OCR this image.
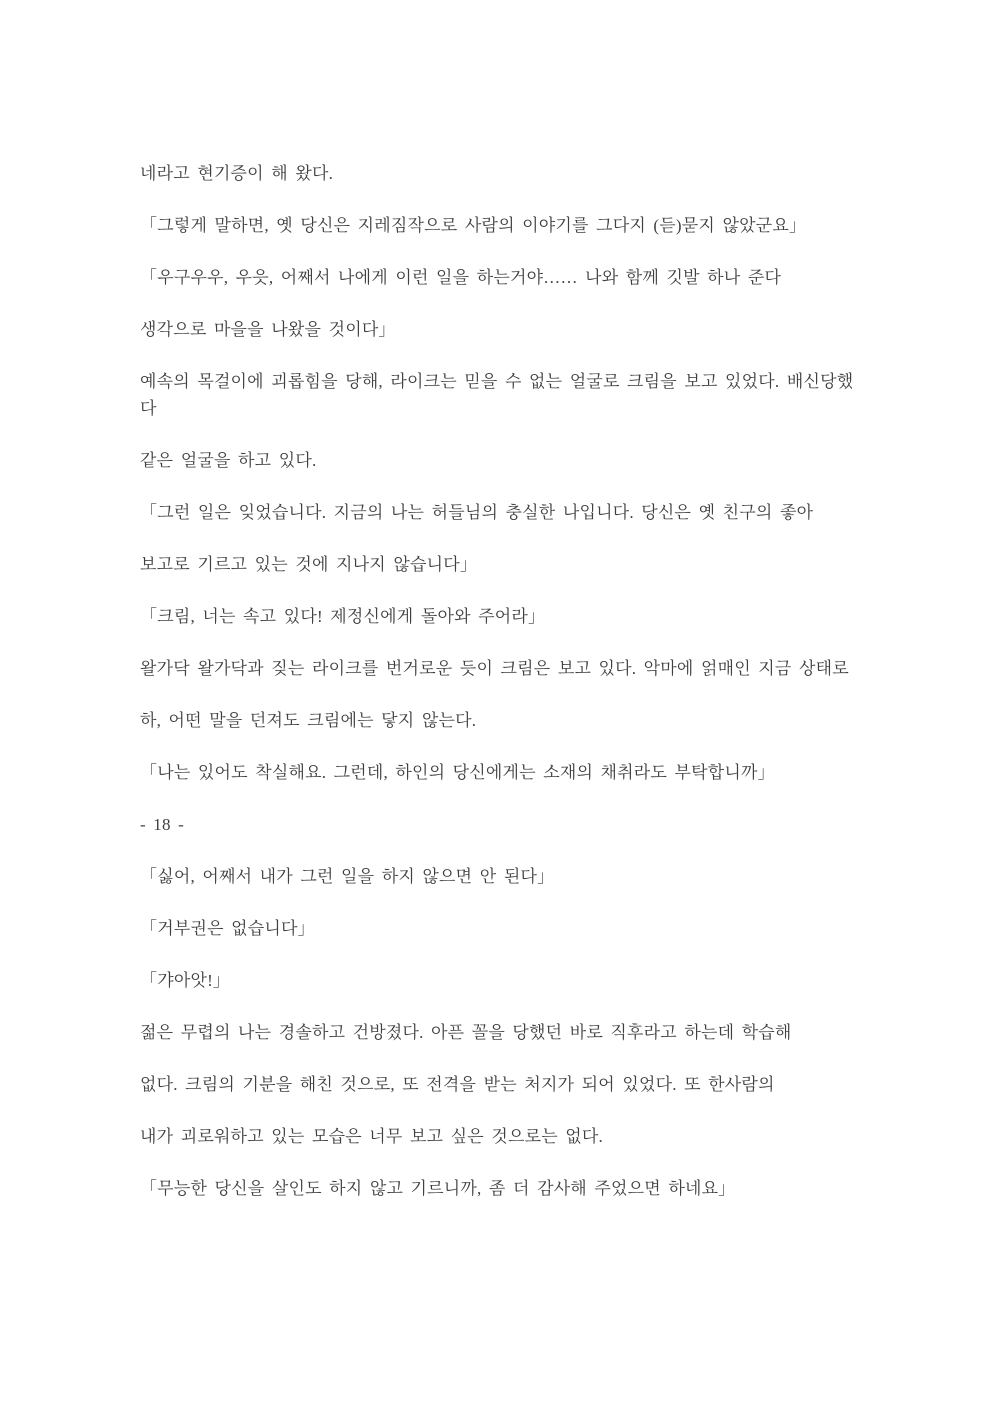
네라고 현기증이 해 왔다.

「그렇게 말하면, 옛 당신은 지레짐작으로 사람의 이야기를 그다지 (듣)묻지 않았군요」

「우구우우, 우읏, 어째서 나에게 이런 일을 하는거야…… 나와 함께 깃발 하나 준다

생각으로 마을을 나왔을 것이다」

예속의 목걸이에 괴롭힘을 당해, 라이크는 믿을 수 없는 얼굴로 크림을 보고 있었다. 배신당했다

같은 얼굴을 하고 있다.

「그런 일은 잊었습니다. 지금의 나는 허들님의 충실한 나입니다. 당신은 옛 친구의 좋아

보고로 기르고 있는 것에 지나지 않습니다」

「크림, 너는 속고 있다! 제정신에게 돌아와 주어라」

왈가닥 왈가닥과 짖는 라이크를 번거로운 듯이 크림은 보고 있다. 악마에 얽매인 지금 상태로

하, 어떤 말을 던져도 크림에는 닿지 않는다.

「나는 있어도 착실해요. 그런데, 하인의 당신에게는 소재의 채취라도 부탁합니까」

- 18 -

「싫어, 어째서 내가 그런 일을 하지 않으면 안 된다」

「거부권은 없습니다」

「갸아앗!」

젊은 무렵의 나는 경솔하고 건방졌다. 아픈 꼴을 당했던 바로 직후라고 하는데 학습해

없다. 크림의 기분을 해친 것으로, 또 전격을 받는 처지가 되어 있었다. 또 한사람의

내가 괴로워하고 있는 모습은 너무 보고 싶은 것으로는 없다.

「무능한 당신을 살인도 하지 않고 기르니까, 좀 더 감사해 주었으면 하네요」
